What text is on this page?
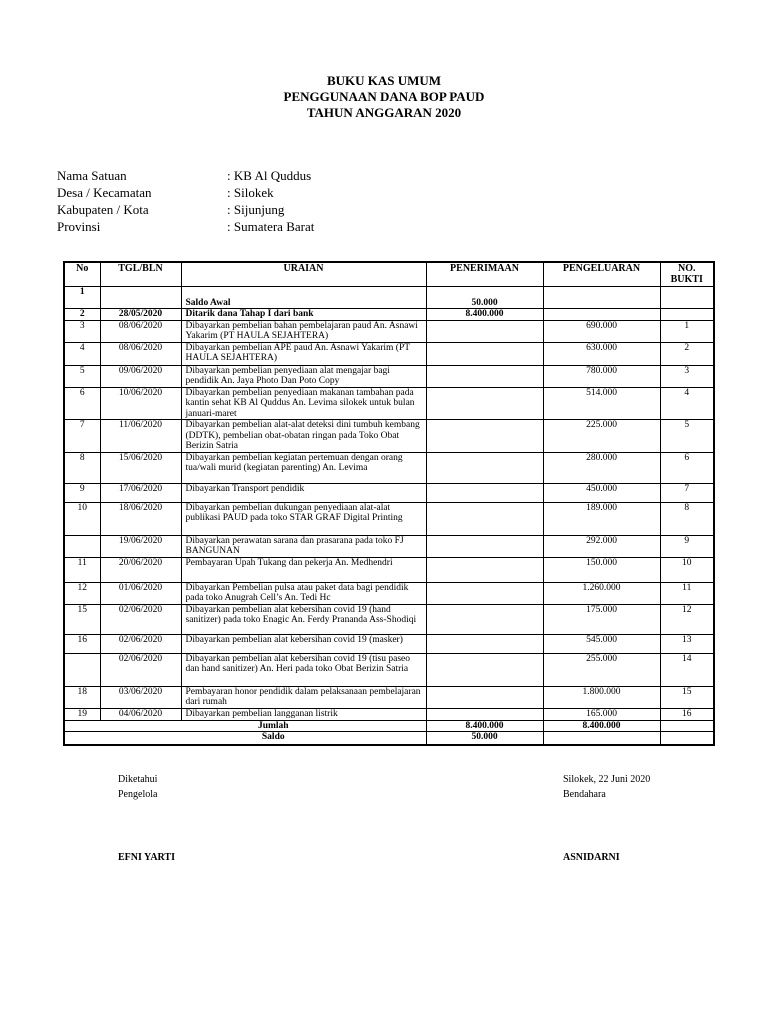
BUKU KAS UMUM
PENGGUNAAN DANA BOP PAUD
TAHUN ANGGARAN 2020
Nama Satuan	: KB Al Quddus
Desa / Kecamatan	: Silokek
Kabupaten / Kota	: Sijunjung
Provinsi	: Sumatera Barat
No	TGL/BLN	URAIAN	PENERIMAAN	PENGELUARAN	NO. BUKTI
1		Saldo Awal	50.000		
2	28/05/2020	Ditarik dana Tahap I dari bank	8.400.000		
3	08/06/2020	Dibayarkan pembelian bahan pembelajaran paud An. Asnawi Yakarim (PT HAULA SEJAHTERA)		690.000	1
4	08/06/2020	Dibayarkan pembelian APE paud An. Asnawi Yakarim (PT HAULA SEJAHTERA)		630.000	2
5	09/06/2020	Dibayarkan pembelian penyediaan alat mengajar bagi pendidik An. Jaya Photo Dan Poto Copy		780.000	3
6	10/06/2020	Dibayarkan pembelian penyediaan makanan tambahan pada kantin sehat KB Al Quddus An. Levima silokek untuk bulan januari-maret		514.000	4
7	11/06/2020	Dibayarkan pembelian alat-alat deteksi dini tumbuh kembang (DDTK), pembelian obat-obatan ringan pada Toko Obat Berizin Satria		225.000	5
8	15/06/2020	Dibayarkan pembelian kegiatan pertemuan dengan orang tua/wali murid (kegiatan parenting) An. Levima		280.000	6
9	17/06/2020	Dibayarkan Transport pendidik		450.000	7
10	18/06/2020	Dibayarkan pembelian dukungan penyediaan alat-alat publikasi PAUD pada toko STAR GRAF Digital Printing		189.000	8
	19/06/2020	Dibayarkan perawatan sarana dan prasarana pada toko FJ BANGUNAN		292.000	9
11	20/06/2020	Pembayaran Upah Tukang dan pekerja An. Medhendri		150.000	10
12	01/06/2020	Dibayarkan Pembelian pulsa atau paket data bagi pendidik pada toko Anugrah Cell’s An. Tedi Hc		1.260.000	11
15	02/06/2020	Dibayarkan pembelian alat kebersihan covid 19 (hand sanitizer) pada toko Enagic An. Ferdy Prananda Ass-Shodiqi		175.000	12
16	02/06/2020	Dibayarkan pembelian alat kebersihan covid 19 (masker)		545.000	13
	02/06/2020	Dibayarkan pembelian alat kebersihan covid 19 (tisu paseo dan hand sanitizer) An. Heri pada toko Obat Berizin Satria		255.000	14
18	03/06/2020	Pembayaran honor pendidik dalam pelaksanaan pembelajaran dari rumah		1.800.000	15
19	04/06/2020	Dibayarkan pembelian langganan listrik		165.000	16
Jumlah			8.400.000	8.400.000	
Saldo			50.000		
Diketahui
Pengelola
EFNI YARTI
Silokek, 22 Juni 2020
Bendahara
ASNIDARNI
